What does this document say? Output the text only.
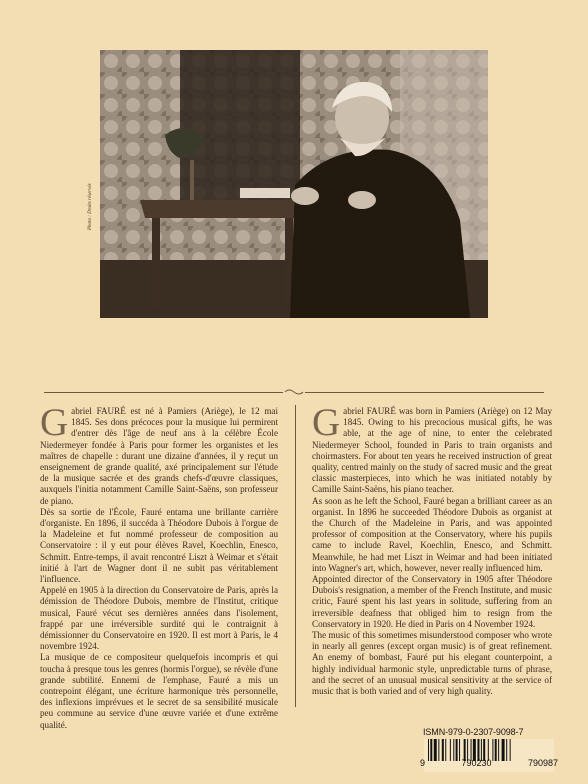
Photo : Droits réservés

Gabriel FAURÉ est né à Pamiers (Ariège), le 12 mai 1845. Ses dons précoces pour la musique lui permirent d'entrer dès l'âge de neuf ans à la célèbre École Niedermeyer fondée à Paris pour former les organistes et les maîtres de chapelle : durant une dizaine d'années, il y reçut un enseignement de grande qualité, axé principalement sur l'étude de la musique sacrée et des grands chefs-d'œuvre classiques, auxquels l'initia notamment Camille Saint-Saëns, son professeur de piano.

Dès sa sortie de l'École, Fauré entama une brillante carrière d'organiste. En 1896, il succéda à Théodore Dubois à l'orgue de la Madeleine et fut nommé professeur de composition au Conservatoire : il y eut pour élèves Ravel, Koechlin, Enesco, Schmitt. Entre-temps, il avait rencontré Liszt à Weimar et s'était initié à l'art de Wagner dont il ne subit pas véritablement l'influence.

Appelé en 1905 à la direction du Conservatoire de Paris, après la démission de Théodore Dubois, membre de l'Institut, critique musical, Fauré vécut ses dernières années dans l'isolement, frappé par une irréversible surdité qui le contraignit à démissionner du Conservatoire en 1920. Il est mort à Paris, le 4 novembre 1924.

La musique de ce compositeur quelquefois incompris et qui toucha à presque tous les genres (hormis l'orgue), se révèle d'une grande subtilité. Ennemi de l'emphase, Fauré a mis un contrepoint élégant, une écriture harmonique très personnelle, des inflexions imprévues et le secret de sa sensibilité musicale peu commune au service d'une œuvre variée et d'une extrême qualité.

Gabriel FAURÉ was born in Pamiers (Ariège) on 12 May 1845. Owing to his precocious musical gifts, he was able, at the age of nine, to enter the celebrated Niedermeyer School, founded in Paris to train organists and choirmasters. For about ten years he received instruction of great quality, centred mainly on the study of sacred music and the great classic masterpieces, into which he was initiated notably by Camille Saint-Saëns, his piano teacher.

As soon as he left the School, Fauré began a brilliant career as an organist. In 1896 he succeeded Théodore Dubois as organist at the Church of the Madeleine in Paris, and was appointed professor of composition at the Conservatory, where his pupils came to include Ravel, Koechlin, Enesco, and Schmitt. Meanwhile, he had met Liszt in Weimar and had been initiated into Wagner's art, which, however, never really influenced him.

Appointed director of the Conservatory in 1905 after Théodore Dubois's resignation, a member of the French Institute, and music critic, Fauré spent his last years in solitude, suffering from an irreversible deafness that obliged him to resign from the Conservatory in 1920. He died in Paris on 4 November 1924.

The music of this sometimes misunderstood composer who wrote in nearly all genres (except organ music) is of great refinement. An enemy of bombast, Fauré put his elegant counterpoint, a highly individual harmonic style, unpredictable turns of phrase, and the secret of an unusual musical sensitivity at the service of music that is both varied and of very high quality.

ISMN-979-0-2307-9098-7
9	790230	790987
